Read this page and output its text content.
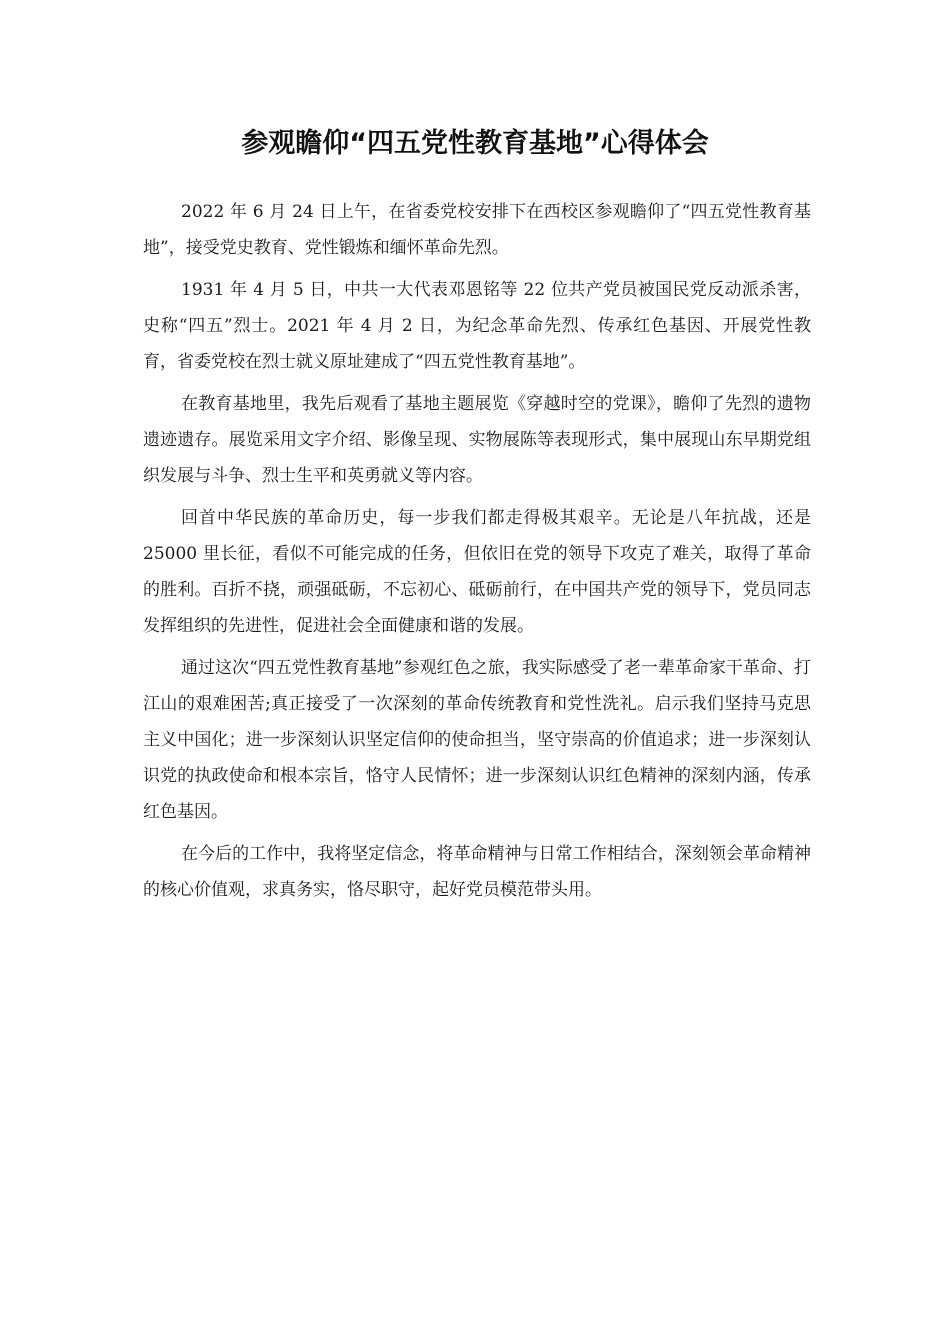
参观瞻仰“四五党性教育基地”心得体会

2022 年 6 月 24 日上午，在省委党校安排下在西校区参观瞻仰了“四五党性教育基地”，接受党史教育、党性锻炼和缅怀革命先烈。

1931 年 4 月 5 日，中共一大代表邓恩铭等 22 位共产党员被国民党反动派杀害，史称“四五”烈士。2021 年 4 月 2 日，为纪念革命先烈、传承红色基因、开展党性教育，省委党校在烈士就义原址建成了“四五党性教育基地”。

在教育基地里，我先后观看了基地主题展览《穿越时空的党课》，瞻仰了先烈的遗物遗迹遗存。展览采用文字介绍、影像呈现、实物展陈等表现形式，集中展现山东早期党组织发展与斗争、烈士生平和英勇就义等内容。

回首中华民族的革命历史，每一步我们都走得极其艰辛。无论是八年抗战，还是 25000 里长征，看似不可能完成的任务，但依旧在党的领导下攻克了难关，取得了革命的胜利。百折不挠，顽强砥砺，不忘初心、砥砺前行，在中国共产党的领导下，党员同志发挥组织的先进性，促进社会全面健康和谐的发展。

通过这次“四五党性教育基地”参观红色之旅，我实际感受了老一辈革命家干革命、打江山的艰难困苦;真正接受了一次深刻的革命传统教育和党性洗礼。启示我们坚持马克思主义中国化；进一步深刻认识坚定信仰的使命担当，坚守崇高的价值追求；进一步深刻认识党的执政使命和根本宗旨，恪守人民情怀；进一步深刻认识红色精神的深刻内涵，传承红色基因。

在今后的工作中，我将坚定信念，将革命精神与日常工作相结合，深刻领会革命精神的核心价值观，求真务实，恪尽职守，起好党员模范带头用。
